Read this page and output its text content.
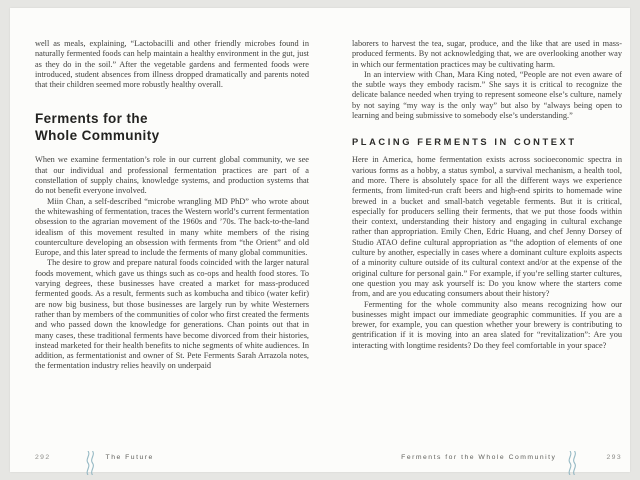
well as meals, explaining, “Lactobacilli and other friendly microbes found in naturally fermented foods can help maintain a healthy environment in the gut, just as they do in the soil.” After the vegetable gardens and fermented foods were introduced, student absences from illness dropped dramatically and parents noted that their children seemed more robustly healthy overall.

Ferments for the
Whole Community

When we examine fermentation’s role in our current global community, we see that our individual and professional fermentation practices are part of a constellation of supply chains, knowledge systems, and production systems that do not benefit everyone involved.

Miin Chan, a self-described “microbe wrangling MD PhD” who wrote about the whitewashing of fermentation, traces the Western world’s current fermentation obsession to the agrarian movement of the 1960s and ’70s. The back-to-the-land idealism of this movement resulted in many white members of the rising counterculture developing an obsession with ferments from “the Orient” and old Europe, and this later spread to include the ferments of many global communities.

The desire to grow and prepare natural foods coincided with the larger natural foods movement, which gave us things such as co-ops and health food stores. To varying degrees, these businesses have created a market for mass-produced fermented goods. As a result, ferments such as kombucha and tibico (water kefir) are now big business, but those businesses are largely run by white Westerners rather than by members of the communities of color who first created the ferments and who passed down the knowledge for generations. Chan points out that in many cases, these traditional ferments have become divorced from their histories, instead marketed for their health benefits to niche segments of white audiences. In addition, as fermentationist and owner of St. Pete Ferments Sarah Arrazola notes, the fermentation industry relies heavily on underpaid

292	The Future

laborers to harvest the tea, sugar, produce, and the like that are used in mass-produced ferments. By not acknowledging that, we are overlooking another way in which our fermentation practices may be cultivating harm.

In an interview with Chan, Mara King noted, “People are not even aware of the subtle ways they embody racism.” She says it is critical to recognize the delicate balance needed when trying to represent someone else’s culture, namely by not saying “my way is the only way” but also by “always being open to learning and being submissive to somebody else’s understanding.”

PLACING FERMENTS IN CONTEXT

Here in America, home fermentation exists across socioeconomic spectra in various forms as a hobby, a status symbol, a survival mechanism, a health tool, and more. There is absolutely space for all the different ways we experience ferments, from limited-run craft beers and high-end spirits to homemade wine brewed in a bucket and small-batch vegetable ferments. But it is critical, especially for producers selling their ferments, that we put those foods within their context, understanding their history and engaging in cultural exchange rather than appropriation. Emily Chen, Edric Huang, and chef Jenny Dorsey of Studio ATAO define cultural appropriation as “the adoption of elements of one culture by another, especially in cases where a dominant culture exploits aspects of a minority culture outside of its cultural context and/or at the expense of the original culture for personal gain.” For example, if you’re selling starter cultures, one question you may ask yourself is: Do you know where the starters come from, and are you educating consumers about their history?

Fermenting for the whole community also means recognizing how our businesses might impact our immediate geographic communities. If you are a brewer, for example, you can question whether your brewery is contributing to gentrification if it is moving into an area slated for “revitalization”: Are you interacting with longtime residents? Do they feel comfortable in your space?

Ferments for the Whole Community	293
